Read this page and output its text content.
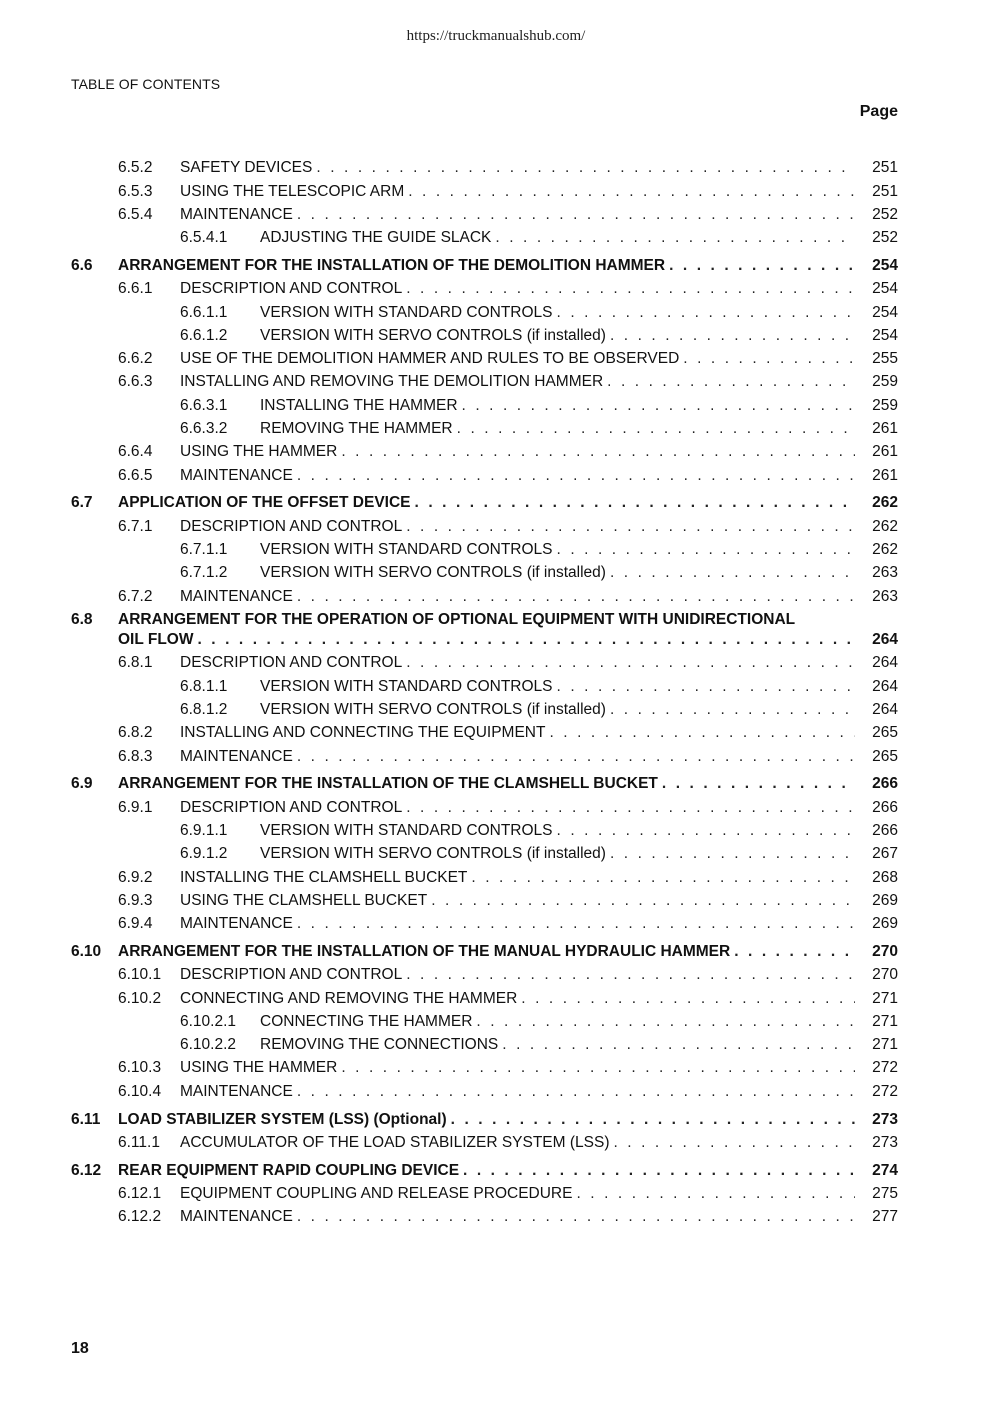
https://truckmanualshub.com/
TABLE OF CONTENTS
Page
6.5.2	SAFETY DEVICES . . .	251
6.5.3	USING THE TELESCOPIC ARM . . .	251
6.5.4	MAINTENANCE . . .	252
6.5.4.1	ADJUSTING THE GUIDE SLACK . . .	252
6.6	ARRANGEMENT FOR THE INSTALLATION OF THE DEMOLITION HAMMER . . .	254
6.6.1	DESCRIPTION AND CONTROL . . .	254
6.6.1.1	VERSION WITH STANDARD CONTROLS . . .	254
6.6.1.2	VERSION WITH SERVO CONTROLS (if installed) . . .	254
6.6.2	USE OF THE DEMOLITION HAMMER AND RULES TO BE OBSERVED . . .	255
6.6.3	INSTALLING AND REMOVING THE DEMOLITION HAMMER . . .	259
6.6.3.1	INSTALLING THE HAMMER . . .	259
6.6.3.2	REMOVING THE HAMMER . . .	261
6.6.4	USING THE HAMMER . . .	261
6.6.5	MAINTENANCE . . .	261
6.7	APPLICATION OF THE OFFSET DEVICE . . .	262
6.7.1	DESCRIPTION AND CONTROL . . .	262
6.7.1.1	VERSION WITH STANDARD CONTROLS . . .	262
6.7.1.2	VERSION WITH SERVO CONTROLS (if installed) . . .	263
6.7.2	MAINTENANCE . . .	263
6.8	ARRANGEMENT FOR THE OPERATION OF OPTIONAL EQUIPMENT WITH UNIDIRECTIONAL
OIL FLOW . . .	264
6.8.1	DESCRIPTION AND CONTROL . . .	264
6.8.1.1	VERSION WITH STANDARD CONTROLS . . .	264
6.8.1.2	VERSION WITH SERVO CONTROLS (if installed) . . .	264
6.8.2	INSTALLING AND CONNECTING THE EQUIPMENT . . .	265
6.8.3	MAINTENANCE . . .	265
6.9	ARRANGEMENT FOR THE INSTALLATION OF THE CLAMSHELL BUCKET . . .	266
6.9.1	DESCRIPTION AND CONTROL . . .	266
6.9.1.1	VERSION WITH STANDARD CONTROLS . . .	266
6.9.1.2	VERSION WITH SERVO CONTROLS (if installed) . . .	267
6.9.2	INSTALLING THE CLAMSHELL BUCKET . . .	268
6.9.3	USING THE CLAMSHELL BUCKET . . .	269
6.9.4	MAINTENANCE . . .	269
6.10	ARRANGEMENT FOR THE INSTALLATION OF THE MANUAL HYDRAULIC HAMMER . . .	270
6.10.1	DESCRIPTION AND CONTROL . . .	270
6.10.2	CONNECTING AND REMOVING THE HAMMER . . .	271
6.10.2.1	CONNECTING THE HAMMER . . .	271
6.10.2.2	REMOVING THE CONNECTIONS . . .	271
6.10.3	USING THE HAMMER . . .	272
6.10.4	MAINTENANCE . . .	272
6.11	LOAD STABILIZER SYSTEM (LSS) (Optional) . . .	273
6.11.1	ACCUMULATOR OF THE LOAD STABILIZER SYSTEM (LSS) . . .	273
6.12	REAR EQUIPMENT RAPID COUPLING DEVICE . . .	274
6.12.1	EQUIPMENT COUPLING AND RELEASE PROCEDURE . . .	275
6.12.2	MAINTENANCE . . .	277
18
